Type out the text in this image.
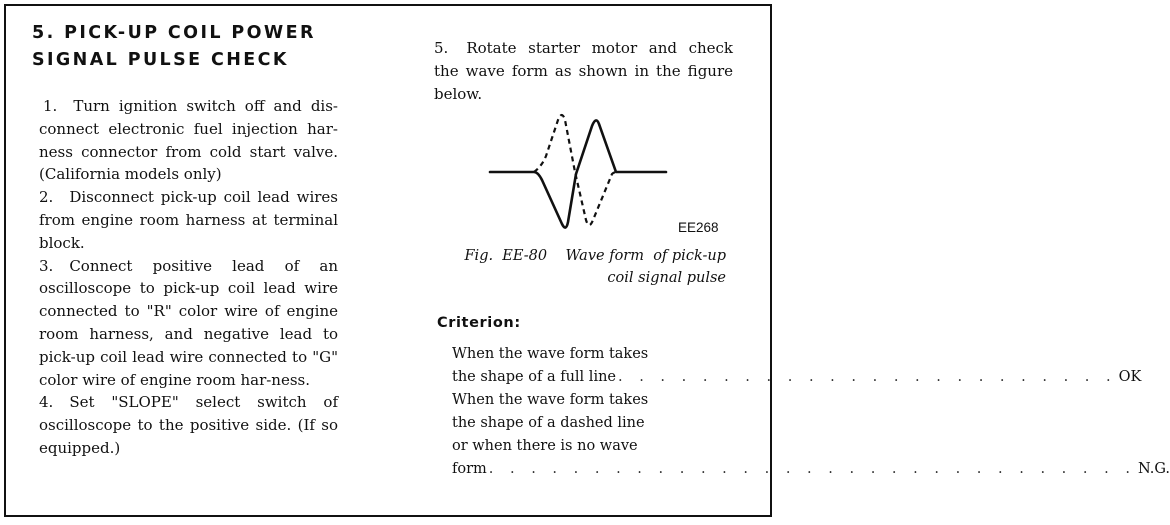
5. PICK-UP COIL POWER
SIGNAL PULSE CHECK

1. Turn ignition switch off and dis-connect electronic fuel injection har-ness connector from cold start valve. (California models only)

2. Disconnect pick-up coil lead wires from engine room harness at terminal block.

3. Connect positive lead of an oscilloscope to pick-up coil lead wire connected to "R" color wire of engine room harness, and negative lead to pick-up coil lead wire connected to "G" color wire of engine room har-ness.

4. Set "SLOPE" select switch of oscilloscope to the positive side. (If so equipped.)

5. Rotate starter motor and check the wave form as shown in the figure below.

EE268
Fig.  EE-80    Wave form  of pick-up
coil signal pulse
Criterion:
When the wave form takes
the shape of a full line . . . . . . . . . . . . . . . . . . . . . . . . OK
When the wave form takes
the shape of a dashed line
or when there is no wave
form . . . . . . . . . . . . . . . . . . . . . . . . . . . . . . . N.G.
